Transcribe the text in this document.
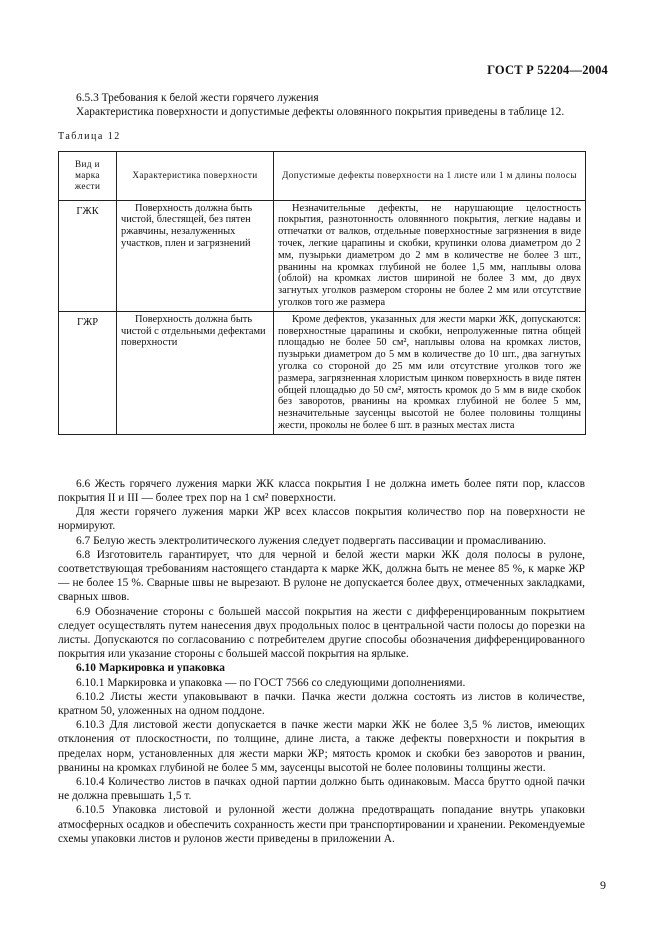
ГОСТ Р 52204—2004

6.5.3 Требования к белой жести горячего лужения

Характеристика поверхности и допустимые дефекты оловянного покрытия приведены в таблице 12.

Таблица 12
Вид и марка жести	Характеристика поверхности	Допустимые дефекты поверхности на 1 листе или 1 м длины полосы
ГЖК	Поверхность должна быть чистой, блестящей, без пятен ржавчины, незалуженных участков, плен и загрязнений	Незначительные дефекты, не нарушающие целостность покрытия, разнотонность оловянного покрытия, легкие надавы и отпечатки от валков, отдельные поверхностные загрязнения в виде точек, легкие царапины и скобки, крупинки олова диаметром до 2 мм, пузырьки диаметром до 2 мм в количестве не более 3 шт., рванины на кромках глубиной не более 1,5 мм, наплывы олова (облой) на кромках листов шириной не более 3 мм, до двух загнутых уголков размером стороны не более 2 мм или отсутствие уголков того же размера
ГЖР	Поверхность должна быть чистой с отдельными дефектами поверхности	Кроме дефектов, указанных для жести марки ЖК, допускаются: поверхностные царапины и скобки, непролуженные пятна общей площадью не более 50 см², наплывы олова на кромках листов, пузырьки диаметром до 5 мм в количестве до 10 шт., два загнутых уголка со стороной до 25 мм или отсутствие уголков того же размера, загрязненная хлористым цинком поверхность в виде пятен общей площадью до 50 см², мятость кромок до 5 мм в виде скобок без заворотов, рванины на кромках глубиной не более 5 мм, незначительные заусенцы высотой не более половины толщины жести, проколы не более 6 шт. в разных местах листа

6.6 Жесть горячего лужения марки ЖК класса покрытия I не должна иметь более пяти пор, классов покрытия II и III — более трех пор на 1 см² поверхности.

Для жести горячего лужения марки ЖР всех классов покрытия количество пор на поверхности не нормируют.

6.7 Белую жесть электролитического лужения следует подвергать пассивации и промасливанию.

6.8 Изготовитель гарантирует, что для черной и белой жести марки ЖК доля полосы в рулоне, соответствующая требованиям настоящего стандарта к марке ЖК, должна быть не менее 85 %, к марке ЖР — не более 15 %. Сварные швы не вырезают. В рулоне не допускается более двух, отмеченных закладками, сварных швов.

6.9 Обозначение стороны с большей массой покрытия на жести с дифференцированным покрытием следует осуществлять путем нанесения двух продольных полос в центральной части полосы до порезки на листы. Допускаются по согласованию с потребителем другие способы обозначения дифференцированного покрытия или указание стороны с большей массой покрытия на ярлыке.

6.10 Маркировка и упаковка

6.10.1 Маркировка и упаковка — по ГОСТ 7566 со следующими дополнениями.

6.10.2 Листы жести упаковывают в пачки. Пачка жести должна состоять из листов в количестве, кратном 50, уложенных на одном поддоне.

6.10.3 Для листовой жести допускается в пачке жести марки ЖК не более 3,5 % листов, имеющих отклонения от плоскостности, по толщине, длине листа, а также дефекты поверхности и покрытия в пределах норм, установленных для жести марки ЖР; мятость кромок и скобки без заворотов и рванин, рванины на кромках глубиной не более 5 мм, заусенцы высотой не более половины толщины жести.

6.10.4 Количество листов в пачках одной партии должно быть одинаковым. Масса брутто одной пачки не должна превышать 1,5 т.

6.10.5 Упаковка листовой и рулонной жести должна предотвращать попадание внутрь упаковки атмосферных осадков и обеспечить сохранность жести при транспортировании и хранении. Рекомендуемые схемы упаковки листов и рулонов жести приведены в приложении А.

9
